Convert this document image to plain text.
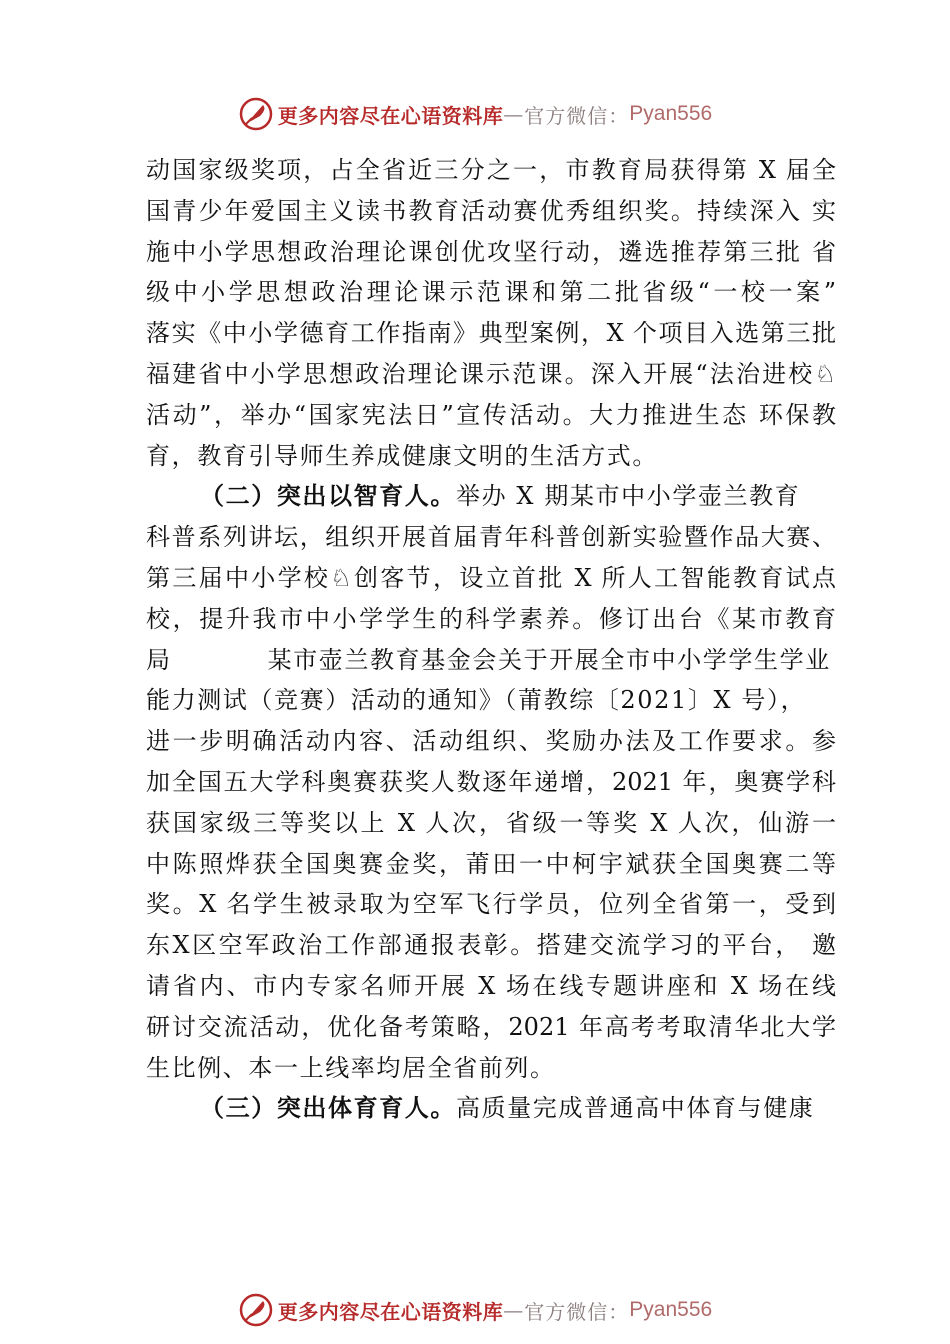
更多内容尽在心语资料库 — 官方微信： Pyan556
动国家级奖项，占全省近三分之一，市教育局获得第 X 届全
国青少年爱国主义读书教育活动赛优秀组织奖。持续深入 实
施中小学思想政治理论课创优攻坚行动，遴选推荐第三批 省
级中小学思想政治理论课示范课和第二批省级“一校一案”
落实《中小学德育工作指南》典型案例，X 个项目入选第三批
福建省中小学思想政治理论课示范课。深入开展“法治进校♘
活动”，举办“国家宪法日”宣传活动。大力推进生态 环保教
育，教育引导师生养成健康文明的生活方式。
（二）突出以智育人。举办 X 期某市中小学壶兰教育
科普系列讲坛，组织开展首届青年科普创新实验暨作品大赛、
第三届中小学校♘创客节，设立首批 X 所人工智能教育试点
校，提升我市中小学学生的科学素养。修订出台《某市教育
局	某市壶兰教育基金会关于开展全市中小学学生学业
能力测试（竞赛）活动的通知》（莆教综〔2021〕X 号），
进一步明确活动内容、活动组织、奖励办法及工作要求。参
加全国五大学科奥赛获奖人数逐年递增，2021 年，奥赛学科
获国家级三等奖以上 X 人次，省级一等奖 X 人次，仙游一
中陈照烨获全国奥赛金奖，莆田一中柯宇斌获全国奥赛二等
奖。X 名学生被录取为空军飞行学员，位列全省第一，受到
东Ⅹ区空军政治工作部通报表彰。搭建交流学习的平台， 邀
请省内、市内专家名师开展 X 场在线专题讲座和 X 场在线
研讨交流活动，优化备考策略，2021 年高考考取清华北大学
生比例、本一上线率均居全省前列。
（三）突出体育育人。高质量完成普通高中体育与健康
更多内容尽在心语资料库 — 官方微信： Pyan556
